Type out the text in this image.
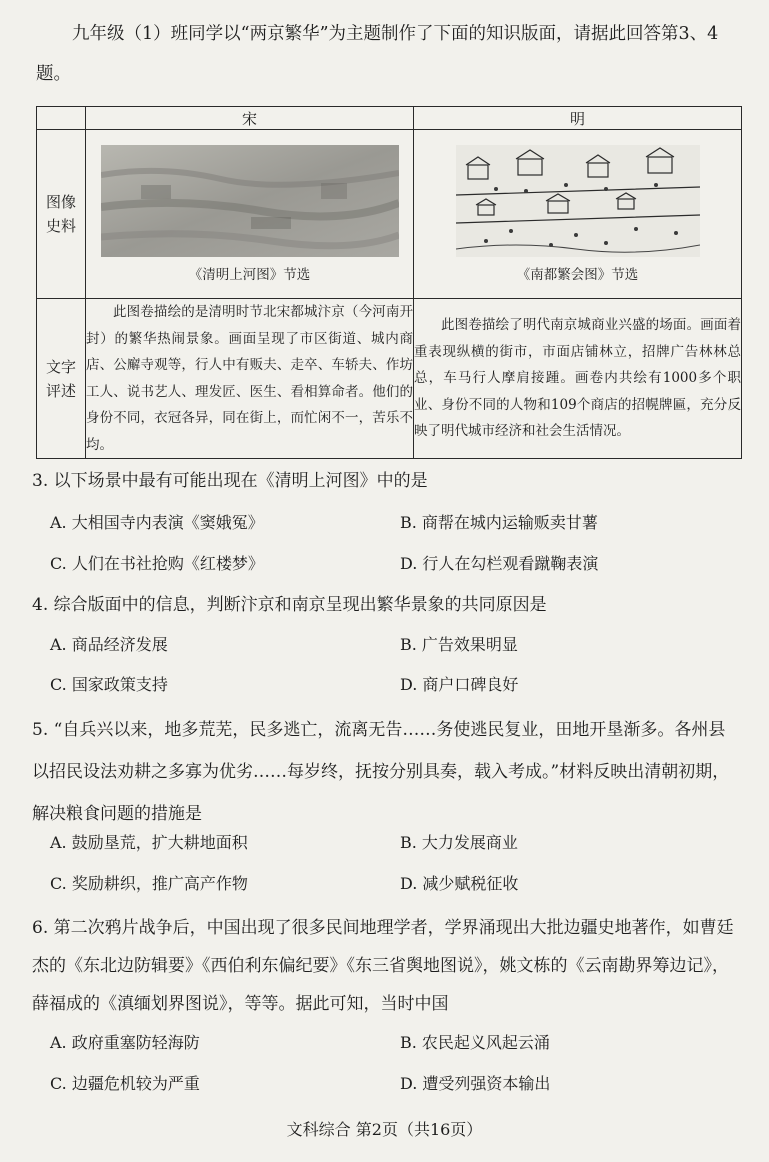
九年级（1）班同学以“两京繁华”为主题制作了下面的知识版面，请据此回答第3、4题。
	宋	明
图像
史料	《清明上河图》节选	《南都繁会图》节选

文字
评述	此图卷描绘的是清明时节北宋都城汴京（今河南开封）的繁华热闹景象。画面呈现了市区街道、城内商店、公廨寺观等，行人中有贩夫、走卒、车轿夫、作坊工人、说书艺人、理发匠、医生、看相算命者。他们的身份不同，衣冠各异，同在街上，而忙闲不一，苦乐不均。	此图卷描绘了明代南京城商业兴盛的场面。画面着重表现纵横的街市，市面店铺林立，招牌广告林林总总，车马行人摩肩接踵。画卷内共绘有1000多个职业、身份不同的人物和109个商店的招幌牌匾，充分反映了明代城市经济和社会生活情况。

3. 以下场景中最有可能出现在《清明上河图》中的是
A. 大相国寺内表演《窦娥冤》	B. 商帮在城内运输贩卖甘薯
C. 人们在书社抢购《红楼梦》	D. 行人在勾栏观看蹴鞠表演
4. 综合版面中的信息，判断汴京和南京呈现出繁华景象的共同原因是
A. 商品经济发展	B. 广告效果明显
C. 国家政策支持	D. 商户口碑良好
5. “自兵兴以来，地多荒芜，民多逃亡，流离无告……务使逃民复业，田地开垦渐多。各州县以招民设法劝耕之多寡为优劣……每岁终，抚按分别具奏，载入考成。”材料反映出清朝初期，解决粮食问题的措施是
A. 鼓励垦荒，扩大耕地面积	B. 大力发展商业
C. 奖励耕织，推广高产作物	D. 减少赋税征收
6. 第二次鸦片战争后，中国出现了很多民间地理学者，学界涌现出大批边疆史地著作，如曹廷杰的《东北边防辑要》《西伯利东偏纪要》《东三省舆地图说》，姚文栋的《云南勘界筹边记》，薛福成的《滇缅划界图说》，等等。据此可知，当时中国
A. 政府重塞防轻海防	B. 农民起义风起云涌
C. 边疆危机较为严重	D. 遭受列强资本输出
文科综合 第2页（共16页）
